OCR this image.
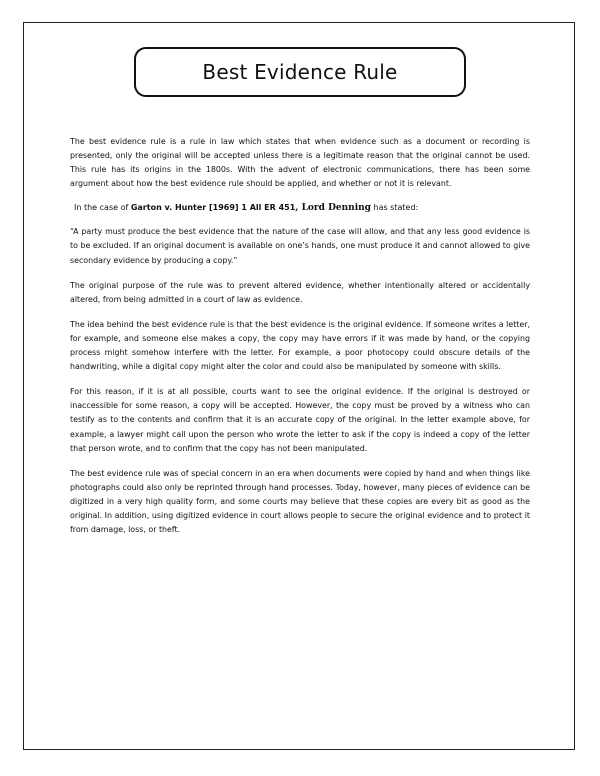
Best Evidence Rule

The best evidence rule is a rule in law which states that when evidence such as a document or recording is presented, only the original will be accepted unless there is a legitimate reason that the original cannot be used. This rule has its origins in the 1800s. With the advent of electronic communications, there has been some argument about how the best evidence rule should be applied, and whether or not it is relevant.

In the case of Garton v. Hunter [1969] 1 All ER 451, Lord Denning has stated:

“A party must produce the best evidence that the nature of the case will allow, and that any less good evidence is to be excluded. If an original document is available on one’s hands, one must produce it and cannot allowed to give secondary evidence by producing a copy.”

The original purpose of the rule was to prevent altered evidence, whether intentionally altered or accidentally altered, from being admitted in a court of law as evidence.

The idea behind the best evidence rule is that the best evidence is the original evidence. If someone writes a letter, for example, and someone else makes a copy, the copy may have errors if it was made by hand, or the copying process might somehow interfere with the letter. For example, a poor photocopy could obscure details of the handwriting, while a digital copy might alter the color and could also be manipulated by someone with skills.

For this reason, if it is at all possible, courts want to see the original evidence. If the original is destroyed or inaccessible for some reason, a copy will be accepted. However, the copy must be proved by a witness who can testify as to the contents and confirm that it is an accurate copy of the original. In the letter example above, for example, a lawyer might call upon the person who wrote the letter to ask if the copy is indeed a copy of the letter that person wrote, and to confirm that the copy has not been manipulated.

The best evidence rule was of special concern in an era when documents were copied by hand and when things like photographs could also only be reprinted through hand processes. Today, however, many pieces of evidence can be digitized in a very high quality form, and some courts may believe that these copies are every bit as good as the original. In addition, using digitized evidence in court allows people to secure the original evidence and to protect it from damage, loss, or theft.
